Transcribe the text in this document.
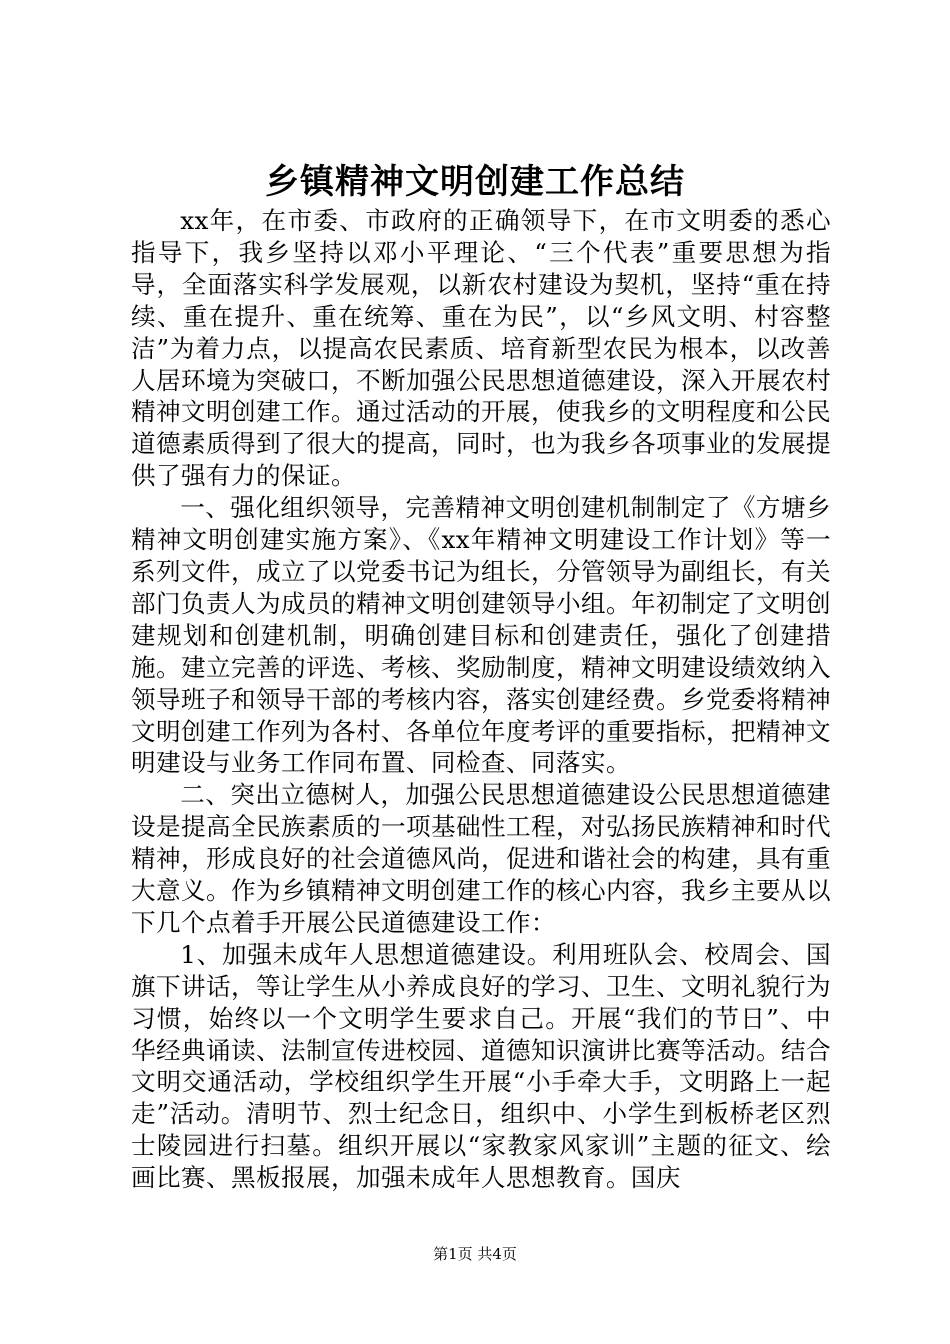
乡镇精神文明创建工作总结

xx年，在市委、市政府的正确领导下，在市文明委的悉心指导下，我乡坚持以邓小平理论、“三个代表”重要思想为指导，全面落实科学发展观，以新农村建设为契机，坚持“重在持续、重在提升、重在统筹、重在为民”，以“乡风文明、村容整洁”为着力点，以提高农民素质、培育新型农民为根本，以改善人居环境为突破口，不断加强公民思想道德建设，深入开展农村精神文明创建工作。通过活动的开展，使我乡的文明程度和公民道德素质得到了很大的提高，同时，也为我乡各项事业的发展提供了强有力的保证。

一、强化组织领导，完善精神文明创建机制制定了《方塘乡精神文明创建实施方案》、《xx年精神文明建设工作计划》等一系列文件，成立了以党委书记为组长，分管领导为副组长，有关部门负责人为成员的精神文明创建领导小组。年初制定了文明创建规划和创建机制，明确创建目标和创建责任，强化了创建措施。建立完善的评选、考核、奖励制度，精神文明建设绩效纳入领导班子和领导干部的考核内容，落实创建经费。乡党委将精神文明创建工作列为各村、各单位年度考评的重要指标，把精神文明建设与业务工作同布置、同检查、同落实。

二、突出立德树人，加强公民思想道德建设公民思想道德建设是提高全民族素质的一项基础性工程，对弘扬民族精神和时代精神，形成良好的社会道德风尚，促进和谐社会的构建，具有重大意义。作为乡镇精神文明创建工作的核心内容，我乡主要从以下几个点着手开展公民道德建设工作：

1、加强未成年人思想道德建设。利用班队会、校周会、国旗下讲话，等让学生从小养成良好的学习、卫生、文明礼貌行为习惯，始终以一个文明学生要求自己。开展“我们的节日”、中华经典诵读、法制宣传进校园、道德知识演讲比赛等活动。结合文明交通活动，学校组织学生开展“小手牵大手，文明路上一起走”活动。清明节、烈士纪念日，组织中、小学生到板桥老区烈士陵园进行扫墓。组织开展以“家教家风家训”主题的征文、绘画比赛、黑板报展，加强未成年人思想教育。国庆

第1页 共4页
